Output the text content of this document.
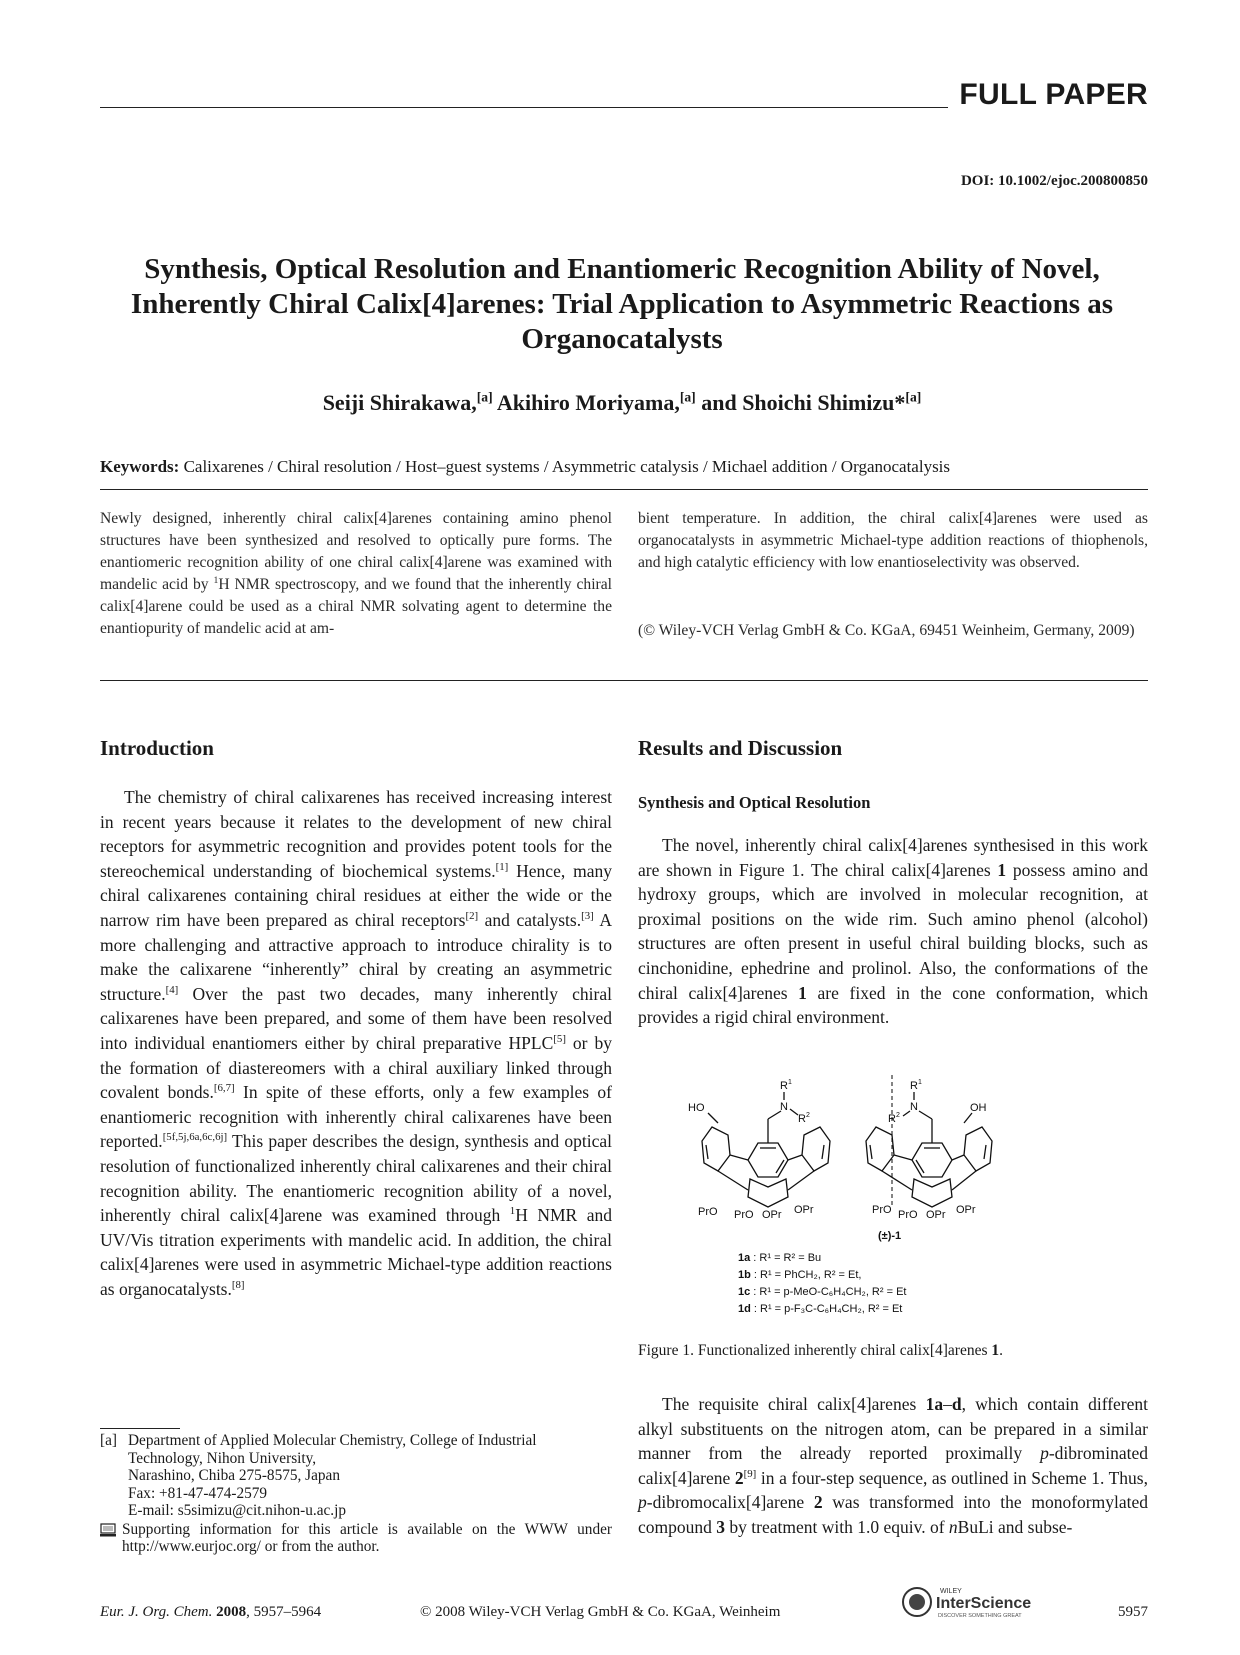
FULL PAPER
DOI: 10.1002/ejoc.200800850
Synthesis, Optical Resolution and Enantiomeric Recognition Ability of Novel, Inherently Chiral Calix[4]arenes: Trial Application to Asymmetric Reactions as Organocatalysts
Seiji Shirakawa,[a] Akihiro Moriyama,[a] and Shoichi Shimizu*[a]
Keywords: Calixarenes / Chiral resolution / Host–guest systems / Asymmetric catalysis / Michael addition / Organocatalysis
Newly designed, inherently chiral calix[4]arenes containing amino phenol structures have been synthesized and resolved to optically pure forms. The enantiomeric recognition ability of one chiral calix[4]arene was examined with mandelic acid by $^1$H NMR spectroscopy, and we found that the inherently chiral calix[4]arene could be used as a chiral NMR solvating agent to determine the enantiopurity of mandelic acid at am-
bient temperature. In addition, the chiral calix[4]arenes were used as organocatalysts in asymmetric Michael-type addition reactions of thiophenols, and high catalytic efficiency with low enantioselectivity was observed.
(© Wiley-VCH Verlag GmbH & Co. KGaA, 69451 Weinheim, Germany, 2009)
Introduction	Results and Discussion
Synthesis and Optical Resolution

The chemistry of chiral calixarenes has received increasing interest in recent years because it relates to the development of new chiral receptors for asymmetric recognition and provides potent tools for the stereochemical understanding of biochemical systems.[1] Hence, many chiral calixarenes containing chiral residues at either the wide or the narrow rim have been prepared as chiral receptors[2] and catalysts.[3] A more challenging and attractive approach to introduce chirality is to make the calixarene “inherently” chiral by creating an asymmetric structure.[4] Over the past two decades, many inherently chiral calixarenes have been prepared, and some of them have been resolved into individual enantiomers either by chiral preparative HPLC[5] or by the formation of diastereomers with a chiral auxiliary linked through covalent bonds.[6,7] In spite of these efforts, only a few examples of enantiomeric recognition with inherently chiral calixarenes have been reported.[5f,5j,6a,6c,6j] This paper describes the design, synthesis and optical resolution of functionalized inherently chiral calixarenes and their chiral recognition ability. The enantiomeric recognition ability of a novel, inherently chiral calix[4]arene was examined through $^1$H NMR and UV/Vis titration experiments with mandelic acid. In addition, the chiral calix[4]arenes were used in asymmetric Michael-type addition reactions as organocatalysts.[8]

The novel, inherently chiral calix[4]arenes synthesised in this work are shown in Figure 1. The chiral calix[4]arenes 1 possess amino and hydroxy groups, which are involved in molecular recognition, at proximal positions on the wide rim. Such amino phenol (alcohol) structures are often present in useful chiral building blocks, such as cinchonidine, ephedrine and prolinol. Also, the conformations of the chiral calix[4]arenes 1 are fixed in the cone conformation, which provides a rigid chiral environment.

R 1
N
R 2
HO
PrO PrO OPr OPr
R 1
N
R 2
OH
PrO PrO OPr OPr
(±)-1
1a : R¹ = R² = Bu
1b : R¹ = PhCH₂, R² = Et,
1c : R¹ = p-MeO-C₆H₄CH₂, R² = Et
1d : R¹ = p-F₃C-C₆H₄CH₂, R² = Et
Figure 1. Functionalized inherently chiral calix[4]arenes 1.

The requisite chiral calix[4]arenes 1a–d, which contain different alkyl substituents on the nitrogen atom, can be prepared in a similar manner from the already reported proximally p-dibrominated calix[4]arene 2[9] in a four-step sequence, as outlined in Scheme 1. Thus, p-dibromocalix[4]arene 2 was transformed into the monoformylated compound 3 by treatment with 1.0 equiv. of nBuLi and subse-

[a] Department of Applied Molecular Chemistry, College of Industrial Technology, Nihon University,
Narashino, Chiba 275-8575, Japan
Fax: +81-47-474-2579
E-mail: s5simizu@cit.nihon-u.ac.jp
Supporting information for this article is available on the WWW under http://www.eurjoc.org/ or from the author.
Eur. J. Org. Chem. 2008, 5957–5964	© 2008 Wiley-VCH Verlag GmbH & Co. KGaA, Weinheim
WILEY
InterScience
DISCOVER SOMETHING GREAT	5957
